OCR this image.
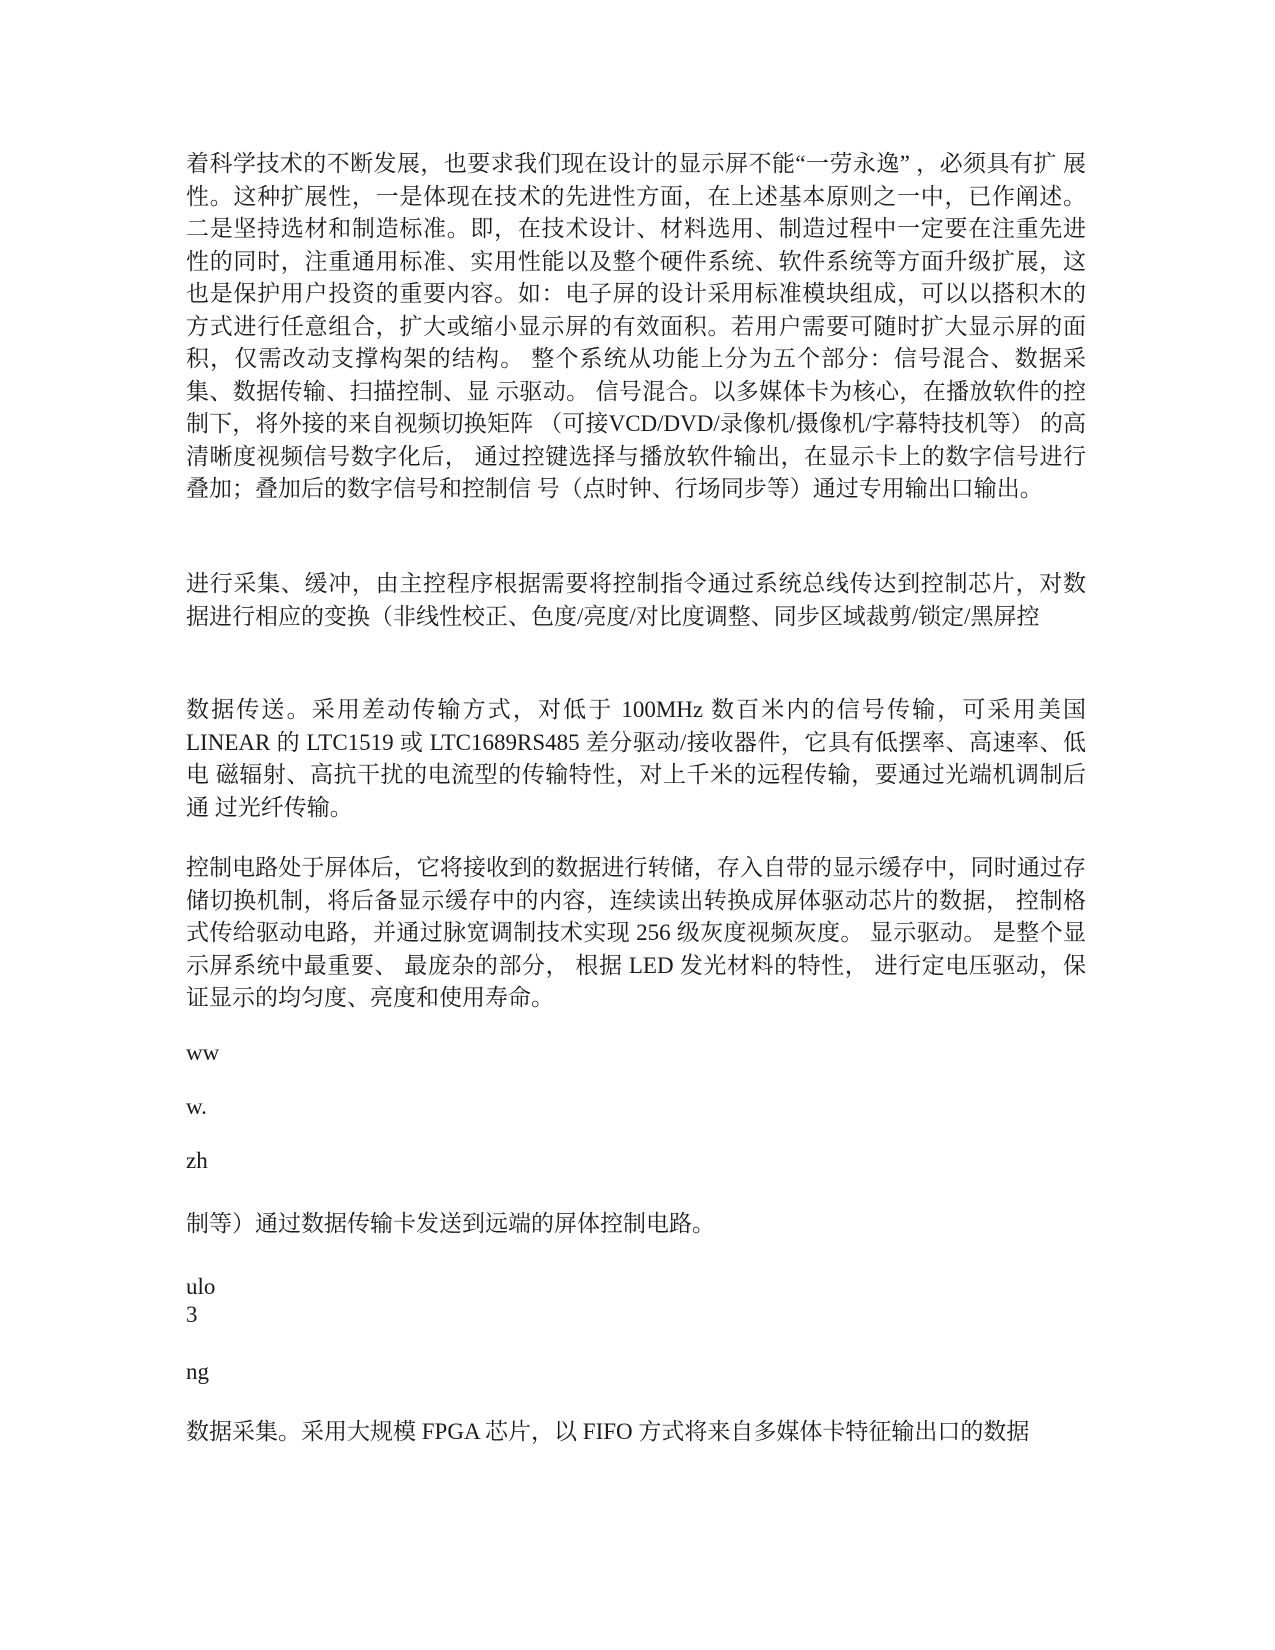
着科学技术的不断发展，也要求我们现在设计的显示屏不能“一劳永逸” ，必须具有扩 展性。这种扩展性，一是体现在技术的先进性方面，在上述基本原则之一中，已作阐述。 二是坚持选材和制造标准。即，在技术设计、材料选用、制造过程中一定要在注重先进 性的同时，注重通用标准、实用性能以及整个硬件系统、软件系统等方面升级扩展，这 也是保护用户投资的重要内容。如：电子屏的设计采用标准模块组成，可以以搭积木的 方式进行任意组合，扩大或缩小显示屏的有效面积。若用户需要可随时扩大显示屏的面 积，仅需改动支撑构架的结构。 整个系统从功能上分为五个部分：信号混合、数据采集、数据传输、扫描控制、显 示驱动。 信号混合。以多媒体卡为核心，在播放软件的控制下，将外接的来自视频切换矩阵 （可接VCD/DVD/录像机/摄像机/字幕特技机等） 的高清晰度视频信号数字化后， 通过控键选择与播放软件输出，在显示卡上的数字信号进行叠加；叠加后的数字信号和控制信 号（点时钟、行场同步等）通过专用输出口输出。

进行采集、缓冲，由主控程序根据需要将控制指令通过系统总线传达到控制芯片，对数 据进行相应的变换（非线性校正、色度/亮度/对比度调整、同步区域裁剪/锁定/黑屏控

数据传送。采用差动传输方式，对低于 100MHz 数百米内的信号传输，可采用美国 LINEAR 的 LTC1519 或 LTC1689RS485 差分驱动/接收器件，它具有低摆率、高速率、低电 磁辐射、高抗干扰的电流型的传输特性，对上千米的远程传输，要通过光端机调制后通 过光纤传输。

控制电路处于屏体后，它将接收到的数据进行转储，存入自带的显示缓存中，同时通过存储切换机制，将后备显示缓存中的内容，连续读出转换成屏体驱动芯片的数据， 控制格式传给驱动电路，并通过脉宽调制技术实现 256 级灰度视频灰度。 显示驱动。 是整个显示屏系统中最重要、 最庞杂的部分， 根据 LED 发光材料的特性， 进行定电压驱动，保证显示的均匀度、亮度和使用寿命。

ww

w.

zh

制等）通过数据传输卡发送到远端的屏体控制电路。

ulo

3

ng

数据采集。采用大规模 FPGA 芯片，以 FIFO 方式将来自多媒体卡特征输出口的数据
